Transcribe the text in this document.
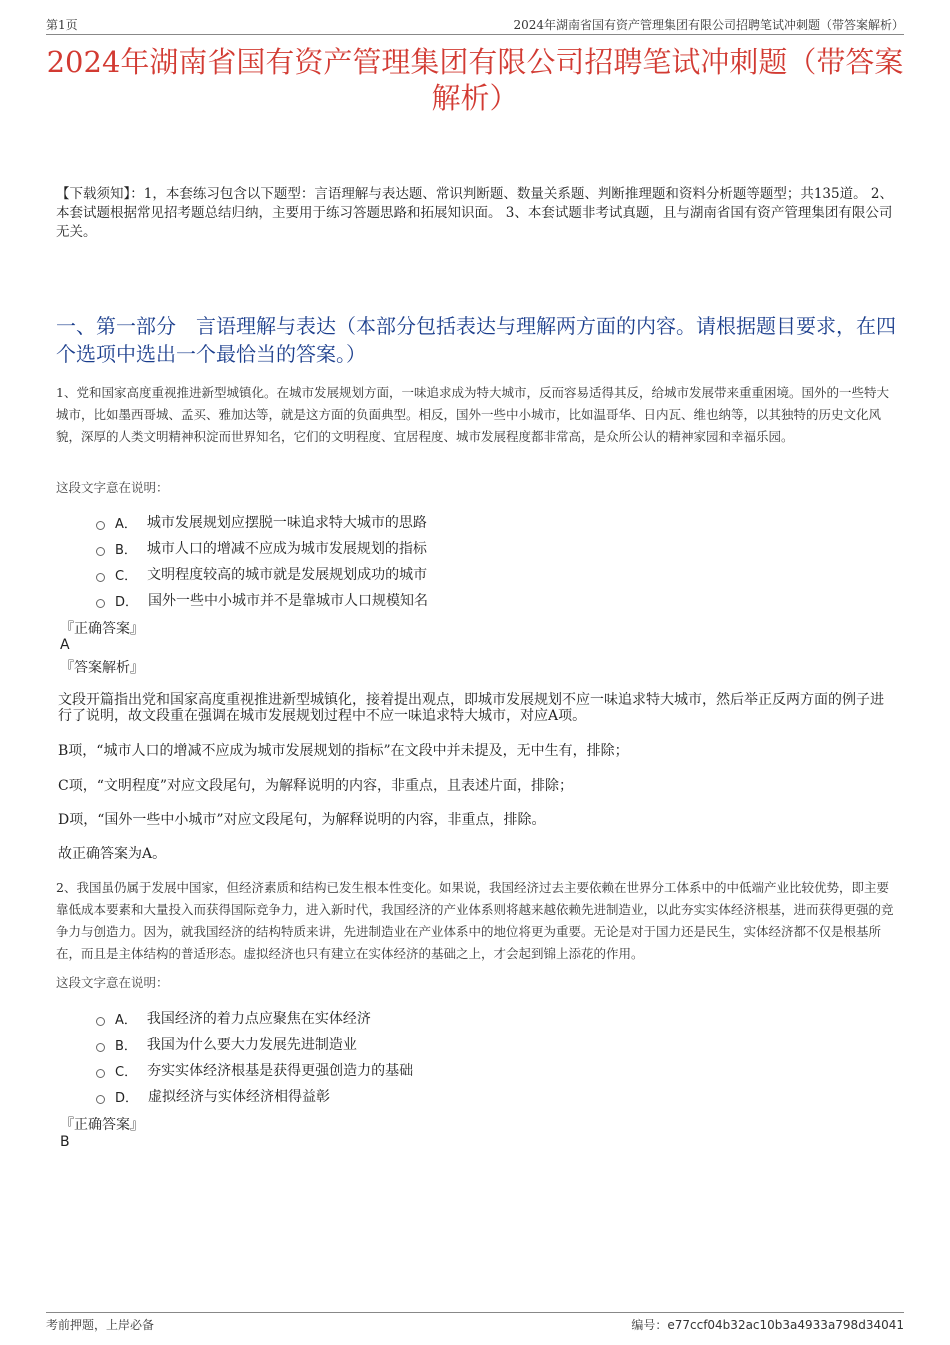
第1页	2024年湖南省国有资产管理集团有限公司招聘笔试冲刺题（带答案解析）
2024年湖南省国有资产管理集团有限公司招聘笔试冲刺题（带答案解析）
【下载须知】：1，本套练习包含以下题型：言语理解与表达题、常识判断题、数量关系题、判断推理题和资料分析题等题型；共135道。 2、本套试题根据常见招考题总结归纳，主要用于练习答题思路和拓展知识面。 3、本套试题非考试真题，且与湖南省国有资产管理集团有限公司无关。
一、第一部分　言语理解与表达（本部分包括表达与理解两方面的内容。请根据题目要求，在四个选项中选出一个最恰当的答案。）
1、党和国家高度重视推进新型城镇化。在城市发展规划方面，一味追求成为特大城市，反而容易适得其反，给城市发展带来重重困境。国外的一些特大城市，比如墨西哥城、孟买、雅加达等，就是这方面的负面典型。相反，国外一些中小城市，比如温哥华、日内瓦、维也纳等，以其独特的历史文化风貌，深厚的人类文明精神积淀而世界知名，它们的文明程度、宜居程度、城市发展程度都非常高，是众所公认的精神家园和幸福乐园。
这段文字意在说明：
A． 城市发展规划应摆脱一味追求特大城市的思路
B． 城市人口的增减不应成为城市发展规划的指标
C． 文明程度较高的城市就是发展规划成功的城市
D． 国外一些中小城市并不是靠城市人口规模知名
『正确答案』
A
『答案解析』
文段开篇指出党和国家高度重视推进新型城镇化，接着提出观点，即城市发展规划不应一味追求特大城市，然后举正反两方面的例子进行了说明，故文段重在强调在城市发展规划过程中不应一味追求特大城市，对应A项。
B项，“城市人口的增减不应成为城市发展规划的指标”在文段中并未提及，无中生有，排除；
C项，“文明程度”对应文段尾句，为解释说明的内容，非重点，且表述片面，排除；
D项，“国外一些中小城市”对应文段尾句，为解释说明的内容，非重点，排除。
故正确答案为A。
2、我国虽仍属于发展中国家，但经济素质和结构已发生根本性变化。如果说，我国经济过去主要依赖在世界分工体系中的中低端产业比较优势，即主要靠低成本要素和大量投入而获得国际竞争力，进入新时代，我国经济的产业体系则将越来越依赖先进制造业，以此夯实实体经济根基，进而获得更强的竞争力与创造力。因为，就我国经济的结构特质来讲，先进制造业在产业体系中的地位将更为重要。无论是对于国力还是民生，实体经济都不仅是根基所在，而且是主体结构的普适形态。虚拟经济也只有建立在实体经济的基础之上，才会起到锦上添花的作用。
这段文字意在说明：
A． 我国经济的着力点应聚焦在实体经济
B． 我国为什么要大力发展先进制造业
C． 夯实实体经济根基是获得更强创造力的基础
D． 虚拟经济与实体经济相得益彰
『正确答案』
B
考前押题，上岸必备	编号：e77ccf04b32ac10b3a4933a798d34041
